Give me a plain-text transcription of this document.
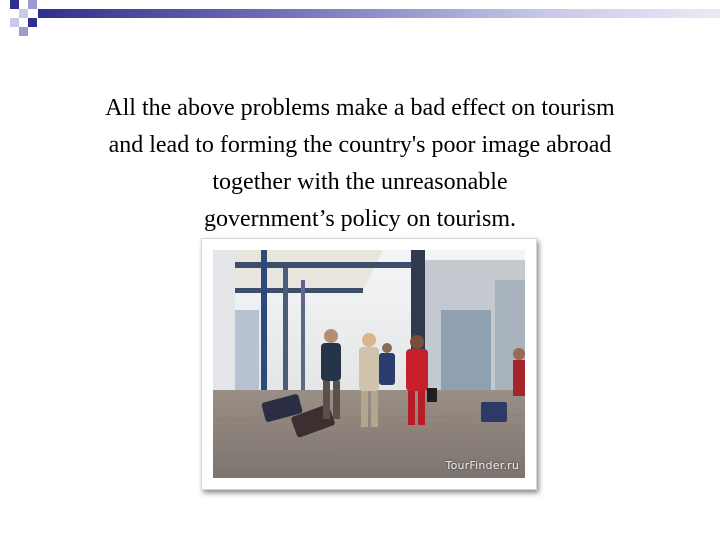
All the above problems make a bad effect on tourism
and lead to forming the country's poor image abroad
together with the unreasonable
government’s policy on tourism.

TourFinder.ru
